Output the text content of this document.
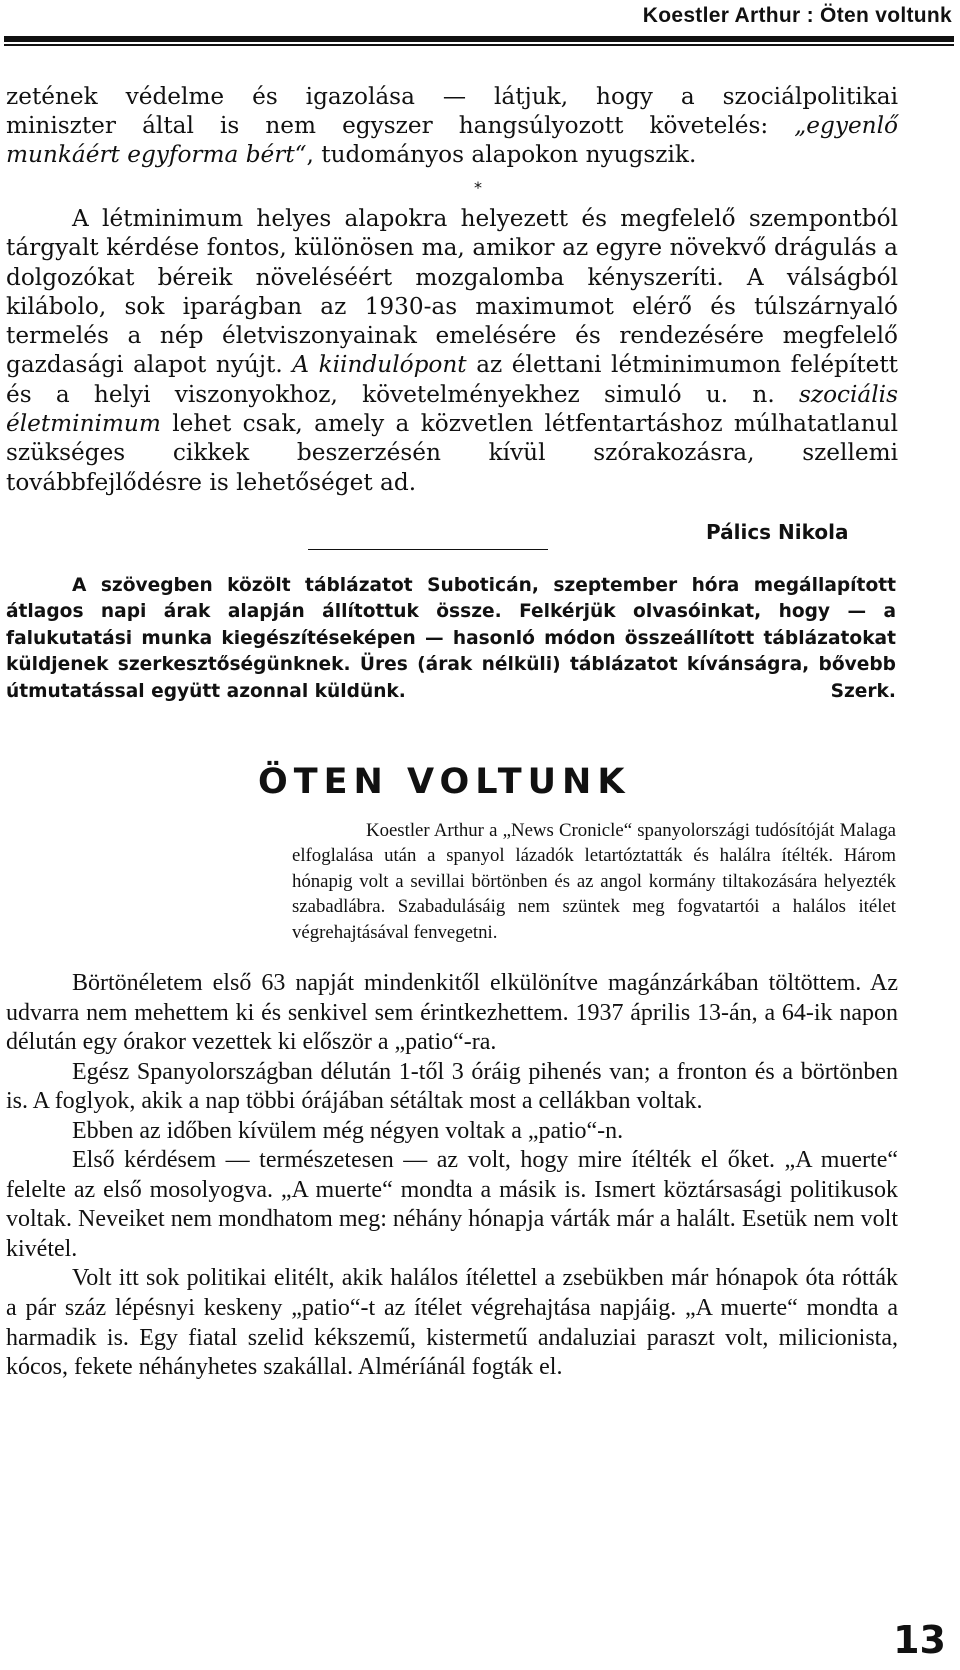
Koestler Arthur : Öten voltunk

zetének védelme és igazolása — látjuk, hogy a szociálpolitikai

miniszter által is nem egyszer hangsúlyozott követelés: „egyenlő

munkáért egyforma bért“, tudományos alapokon nyugszik.

*
A létminimum helyes alapokra helyezett és megfelelő szempontból tárgyalt kérdése fontos, különösen ma, amikor az egyre növekvő drágulás a dolgozókat béreik növeléséért mozgalomba kényszeríti. A válságból kilábolo, sok iparágban az 1930-as maximumot elérő és túlszárnyaló termelés a nép életviszonyainak emelésére és rendezésére megfelelő gazdasági alapot nyújt. A kiindulópont az élettani létminimumon felépített és a helyi viszonyokhoz, követelményekhez simuló u. n. szociális életminimum lehet csak, amely a közvetlen létfentartáshoz múlhatatlanul szükséges cikkek beszerzésén kívül szórakozásra, szellemi továbbfejlődésre is lehetőséget ad.
Pálics Nikola
A szövegben közölt táblázatot Suboticán, szeptember hóra megállapított átlagos napi árak alapján állítottuk össze. Felkérjük olvasóinkat, hogy — a falukutatási munka kiegészítéseképen — hasonló módon összeállított táblázatokat küldjenek szerkesztőségünknek. Üres (árak nélküli) táblázatot kívánságra, bővebb útmutatással együtt azonnal küldünk.	Szerk.
ÖTEN VOLTUNK

Koestler Arthur a „News Cronicle“ spanyolországi tudósítóját Malaga elfoglalása után a spanyol lázadók letartóztatták és halálra ítélték. Három hónapig volt a sevillai börtönben és az angol kormány tiltakozására helyezték szabadlábra. Szabadulásáig nem szüntek meg fogvatartói a halálos itélet végrehajtásával fenvegetni.

Börtönéletem első 63 napját mindenkitől elkülönítve magánzárkában töltöttem. Az udvarra nem mehettem ki és senkivel sem érintkezhettem. 1937 április 13-án, a 64-ik napon délután egy órakor vezettek ki először a „patio“-ra.

Egész Spanyolországban délután 1-től 3 óráig pihenés van; a fronton és a börtönben is. A foglyok, akik a nap többi órájában sétáltak most a cellákban voltak.

Ebben az időben kívülem még négyen voltak a „patio“-n.

Első kérdésem — természetesen — az volt, hogy mire ítélték el őket. „A muerte“ felelte az első mosolyogva. „A muerte“ mondta a másik is. Ismert köztársasági politikusok voltak. Neveiket nem mondhatom meg: néhány hónapja várták már a halált. Esetük nem volt kivétel.

Volt itt sok politikai elitélt, akik halálos ítélettel a zsebükben már hónapok óta rótták a pár száz lépésnyi keskeny „patio“-t az ítélet végrehajtása napjáig. „A muerte“ mondta a harmadik is. Egy fiatal szelid kékszemű, kistermetű andaluziai paraszt volt, milicionista, kócos, fekete néhányhetes szakállal. Alméríánál fogták el.

13
